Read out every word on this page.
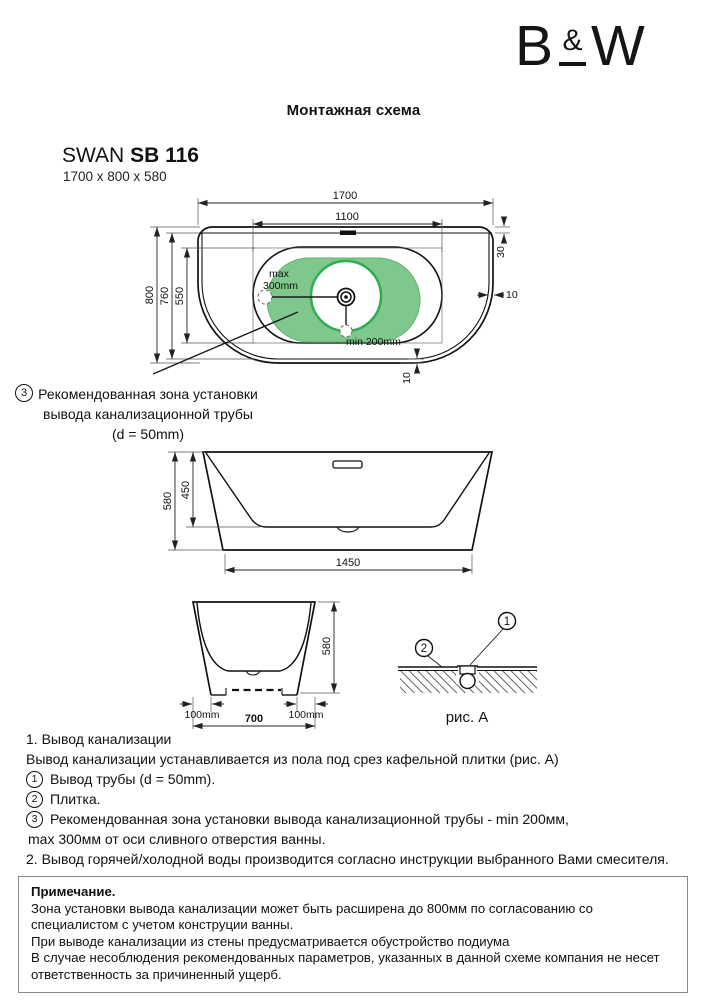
1700
1100
800 760 550
30
10
10
max
300mm
min 200mm
580
450
1450
580
100mm	100mm
700
1
2
рис. А
B & W
Монтажная схема
SWAN SB 116
1700 x 800 x 580
3 Рекомендованная зона установки
вывода канализационной трубы
(d = 50mm)
1. Вывод канализации
Вывод канализации устанавливается из пола под срез кафельной плитки (рис. А)
1 Вывод трубы (d = 50mm).
2 Плитка.
3 Рекомендованная зона установки вывода канализационной трубы - min 200мм,
max 300мм от оси сливного отверстия ванны.
2. Вывод горячей/холодной воды производится согласно инструкции выбранного Вами смесителя.
Примечание.
Зона установки вывода канализации может быть расширена до 800мм по согласованию со специалистом с учетом конструции ванны.
При выводе канализации из стены предусматривается обустройство подиума
В случае несоблюдения рекомендованных параметров, указанных в данной схеме компания не несет ответственность за причиненный ущерб.
